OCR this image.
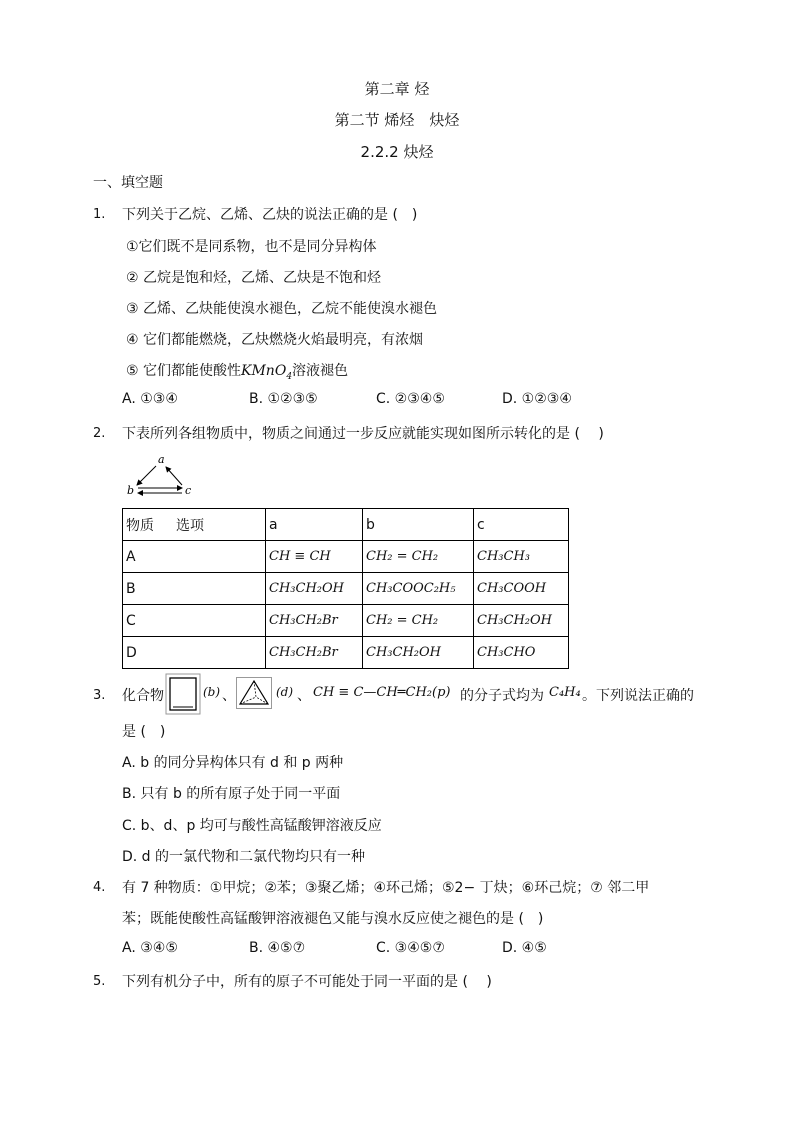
第二章 烃
第二节 烯烃　炔烃
2.2.2 炔烃
一、填空题
1. 下列关于乙烷、乙烯、乙炔的说法正确的是 (　)
①它们既不是同系物，也不是同分异构体
② 乙烷是饱和烃，乙烯、乙炔是不饱和烃
③ 乙烯、乙炔能使溴水褪色，乙烷不能使溴水褪色
④ 它们都能燃烧，乙炔燃烧火焰最明亮，有浓烟
⑤ 它们都能使酸性KMnO$_4$溶液褪色
A. ①③④	B. ①②③⑤	C. ②③④⑤	D. ①②③④
2. 下表所列各组物质中，物质之间通过一步反应就能实现如图所示转化的是 (　 )
a
b	c
物质 选项	a	b	c
A	CH ≡ CH	CH₂ = CH₂	CH₃CH₃
B	CH₃CH₂OH	CH₃COOC₂H₅	CH₃COOH
C	CH₃CH₂Br	CH₂ = CH₂	CH₃CH₂OH
D	CH₃CH₂Br	CH₃CH₂OH	CH₃CHO
3. 化合物	(b) 、	(d) 、 CH ≡ C—CH═CH₂(p) 的分子式均为 C₄H₄ 。下列说法正确的
是 (　)
A. b 的同分异构体只有 d 和 p 两种
B. 只有 b 的所有原子处于同一平面
C. b、d、p 均可与酸性高锰酸钾溶液反应
D. d 的一氯代物和二氯代物均只有一种
4. 有 7 种物质：①甲烷；②苯；③聚乙烯；④环己烯；⑤2− 丁炔；⑥环己烷；⑦ 邻二甲
苯；既能使酸性高锰酸钾溶液褪色又能与溴水反应使之褪色的是 (　)
A. ③④⑤	B. ④⑤⑦	C. ③④⑤⑦	D. ④⑤
5. 下列有机分子中，所有的原子不可能处于同一平面的是 (　 )
